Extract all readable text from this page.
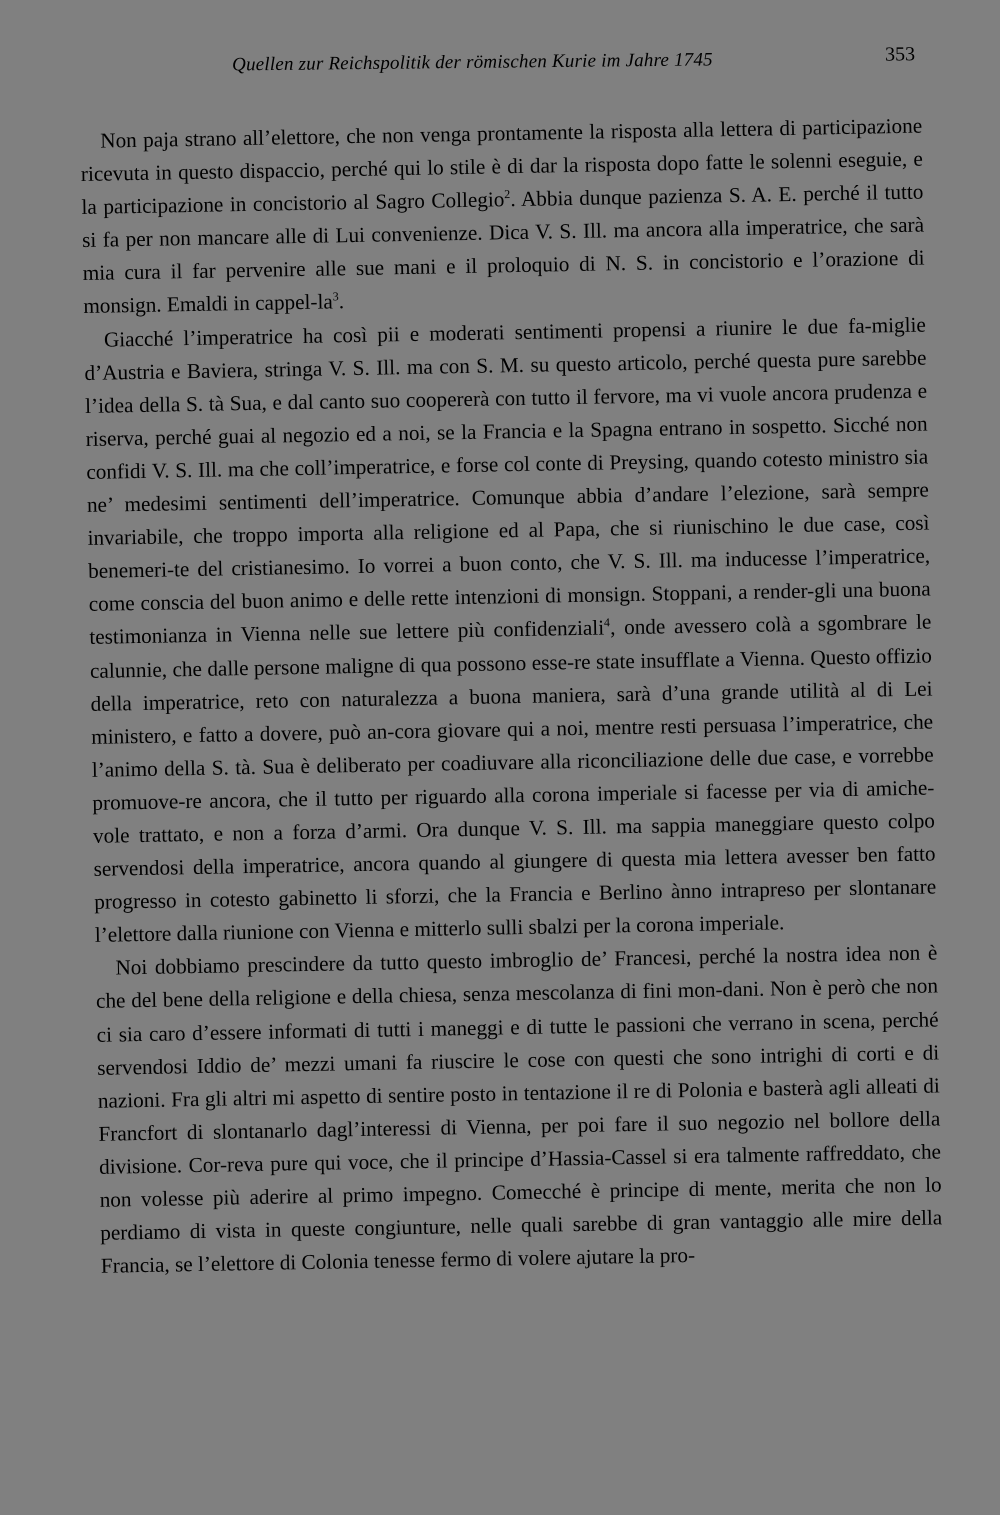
Quellen zur Reichspolitik der römischen Kurie im Jahre 1745	353

Non paja strano all’elettore, che non venga prontamente la risposta alla lettera di participazione ricevuta in questo dispaccio, perché qui lo stile è di dar la risposta dopo fatte le solenni eseguie, e la participazione in concistorio al Sagro Collegio$^2$. Abbia dunque pazienza S. A. E. perché il tutto si fa per non mancare alle di Lui convenienze. Dica V. S. Ill. ma ancora alla imperatrice, che sarà mia cura il far pervenire alle sue mani e il proloquio di N. S. in concistorio e l’orazione di monsign. Emaldi in cappel-$la^3$.

Giacché l’imperatrice ha così pii e moderati sentimenti propensi a riunire le due fa-miglie d’Austria e Baviera, stringa V. S. Ill. ma con S. M. su questo articolo, perché questa pure sarebbe l’idea della S. tà Sua, e dal canto suo coopererà con tutto il fervore, ma vi vuole ancora prudenza e riserva, perché guai al negozio ed a noi, se la Francia e la Spagna entrano in sospetto. Sicché non confidi V. S. Ill. ma che coll’imperatrice, e forse col conte di Preysing, quando cotesto ministro sia ne’ medesimi sentimenti dell’imperatrice. Comunque abbia d’andare l’elezione, sarà sempre invariabile, che troppo importa alla religione ed al Papa, che si riunischino le due case, così benemeri-te del cristianesimo. Io vorrei a buon conto, che V. S. Ill. ma inducesse l’imperatrice, come conscia del buon animo e delle rette intenzioni di monsign. Stoppani, a render-gli una buona testimonianza in Vienna nelle sue lettere più confidenziali$^4$, onde avessero colà a sgombrare le calunnie, che dalle persone maligne di qua possono esse-re state insufflate a Vienna. Questo offizio della imperatrice, reto con naturalezza a buona maniera, sarà d’una grande utilità al di Lei ministero, e fatto a dovere, può an-cora giovare qui a noi, mentre resti persuasa l’imperatrice, che l’animo della S. tà. Sua è deliberato per coadiuvare alla riconciliazione delle due case, e vorrebbe promuove-re ancora, che il tutto per riguardo alla corona imperiale si facesse per via di amiche-vole trattato, e non a forza d’armi. Ora dunque V. S. Ill. ma sappia maneggiare questo colpo servendosi della imperatrice, ancora quando al giungere di questa mia lettera avesser ben fatto progresso in cotesto gabinetto li sforzi, che la Francia e Berlino ànno intrapreso per slontanare l’elettore dalla riunione con Vienna e mitterlo sulli sbalzi per la corona imperiale.

Noi dobbiamo prescindere da tutto questo imbroglio de’ Francesi, perché la nostra idea non è che del bene della religione e della chiesa, senza mescolanza di fini mon-dani. Non è però che non ci sia caro d’essere informati di tutti i maneggi e di tutte le passioni che verrano in scena, perché servendosi Iddio de’ mezzi umani fa riuscire le cose con questi che sono intrighi di corti e di nazioni. Fra gli altri mi aspetto di sentire posto in tentazione il re di Polonia e basterà agli alleati di Francfort di slontanarlo dagl’interessi di Vienna, per poi fare il suo negozio nel bollore della divisione. Cor-reva pure qui voce, che il principe d’Hassia-Cassel si era talmente raffreddato, che non volesse più aderire al primo impegno. Comecché è principe di mente, merita che non lo perdiamo di vista in queste congiunture, nelle quali sarebbe di gran vantaggio alle mire della Francia, se l’elettore di Colonia tenesse fermo di volere ajutare la pro-
